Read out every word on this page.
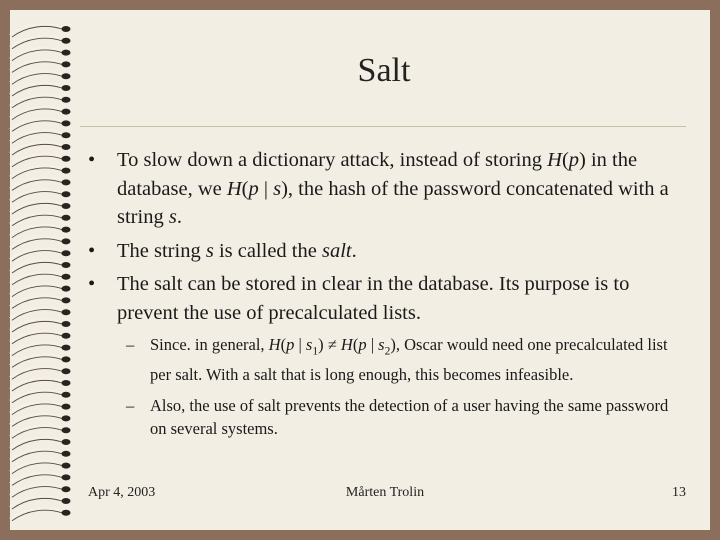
Salt
• To slow down a dictionary attack, instead of storing H(p) in the database, we H(p | s), the hash of the password concatenated with a string s.
• The string s is called the salt.
• The salt can be stored in clear in the database. Its purpose is to prevent the use of precalculated lists.
– Since. in general, H(p | $s_1) \ne H(p$ | $s_2$), Oscar would need one precalculated list per salt. With a salt that is long enough, this becomes infeasible.
– Also, the use of salt prevents the detection of a user having the same password on several systems.
Apr 4, 2003	Mårten Trolin	13
